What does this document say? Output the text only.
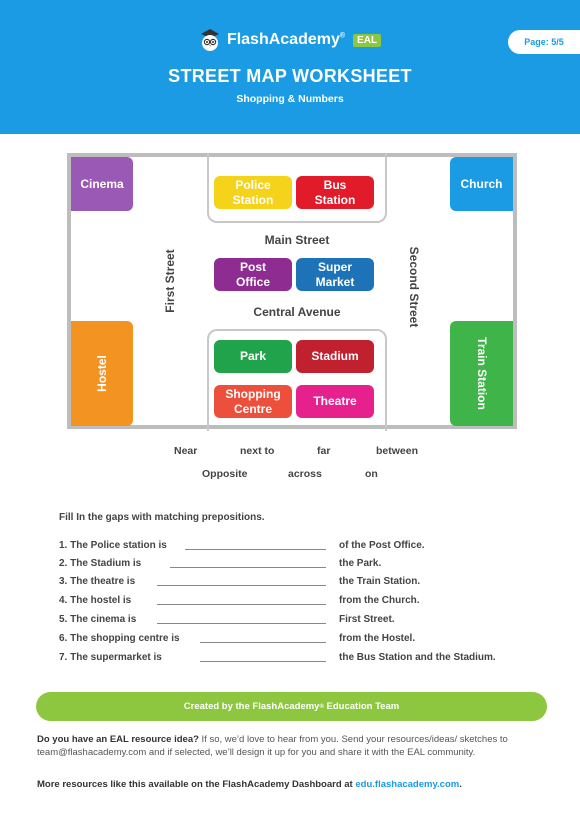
FlashAcademy®	EAL	Page: 5/5
STREET MAP WORKSHEET
Shopping & Numbers
Cinema	Church
Hostel	Train Station
Police Station
Bus Station
Main Street
Post Office
Super Market
Central Avenue
First Street	Second Street
Park	Stadium
Shopping Centre
Theatre
Near	next to	far	between
Opposite	across	on
Fill In the gaps with matching prepositions.
1. The Police station is	of the Post Office.
2. The Stadium is	the Park.
3. The theatre is	the Train Station.
4. The hostel is	from the Church.
5. The cinema is	First Street.
6. The shopping centre is	from the Hostel.
7. The supermarket is	the Bus Station and the Stadium.
Created by the FlashAcademy ® Education Team
Do you have an EAL resource idea? If so, we’d love to hear from you. Send your resources/ideas/ sketches to team@flashacademy.com and if selected, we’ll design it up for you and share it with the EAL community.
More resources like this available on the FlashAcademy Dashboard at edu.flashacademy.com.
